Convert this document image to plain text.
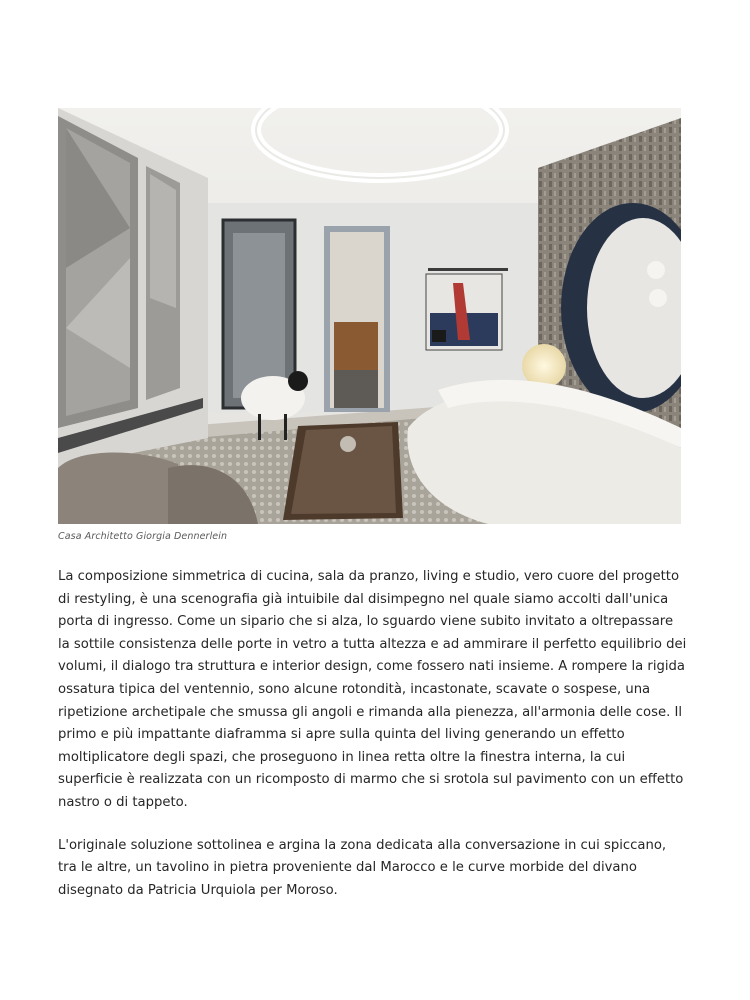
Casa Architetto Giorgia Dennerlein

La composizione simmetrica di cucina, sala da pranzo, living e studio, vero cuore del progetto di restyling, è una scenografia già intuibile dal disimpegno nel quale siamo accolti dall'unica porta di ingresso. Come un sipario che si alza, lo sguardo viene subito invitato a oltrepassare la sottile consistenza delle porte in vetro a tutta altezza e ad ammirare il perfetto equilibrio dei volumi, il dialogo tra struttura e interior design, come fossero nati insieme. A rompere la rigida ossatura tipica del ventennio, sono alcune rotondità, incastonate, scavate o sospese, una ripetizione archetipale che smussa gli angoli e rimanda alla pienezza, all'armonia delle cose. Il primo e più impattante diaframma si apre sulla quinta del living generando un effetto moltiplicatore degli spazi, che proseguono in linea retta oltre la finestra interna, la cui superficie è realizzata con un ricomposto di marmo che si srotola sul pavimento con un effetto nastro o di tappeto.

L'originale soluzione sottolinea e argina la zona dedicata alla conversazione in cui spiccano, tra le altre, un tavolino in pietra proveniente dal Marocco e le curve morbide del divano disegnato da Patricia Urquiola per Moroso.
